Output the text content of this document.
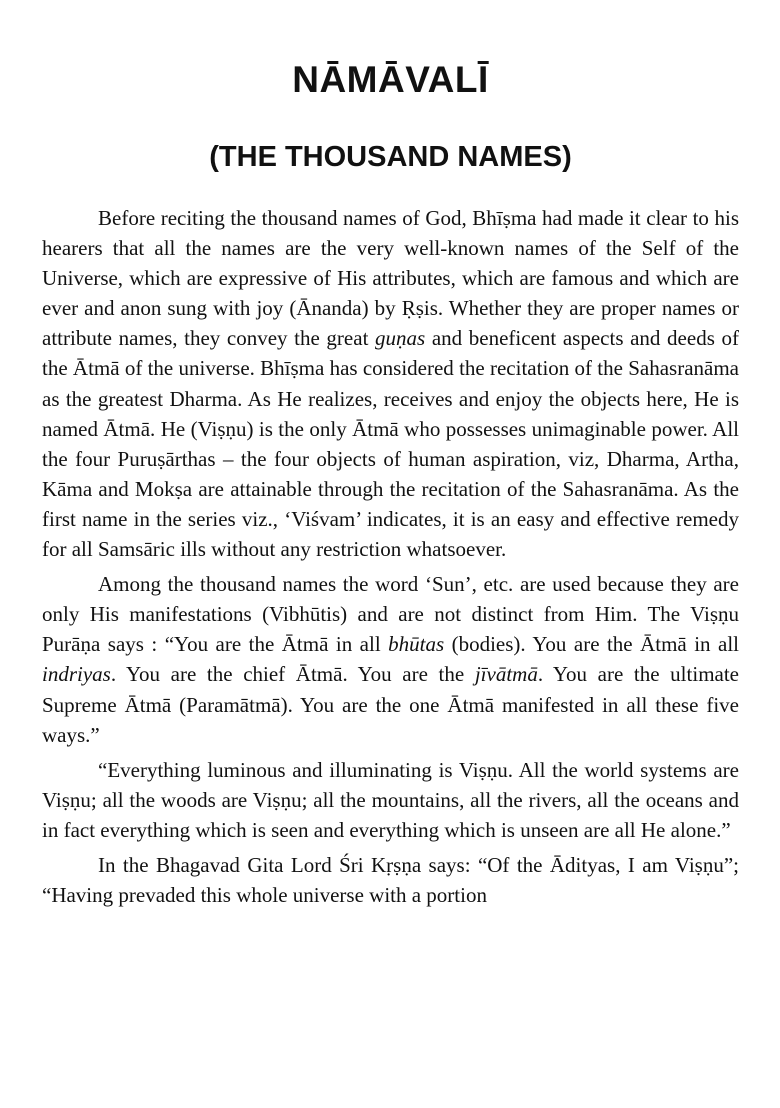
NĀMĀVALĪ
(THE THOUSAND NAMES)

Before reciting the thousand names of God, Bhīṣma had made it clear to his hearers that all the names are the very well-known names of the Self of the Universe, which are expressive of His attributes, which are famous and which are ever and anon sung with joy (Ānanda) by Ṛṣis. Whether they are proper names or attribute names, they convey the great guṇas and beneficent aspects and deeds of the Ātmā of the universe. Bhīṣma has considered the recitation of the Sahasranāma as the greatest Dharma. As He realizes, receives and enjoy the objects here, He is named Ātmā. He (Viṣṇu) is the only Ātmā who possesses unimaginable power. All the four Puruṣārthas – the four objects of human aspiration, viz, Dharma, Artha, Kāma and Mokṣa are attainable through the recitation of the Sahasranāma. As the first name in the series viz., ‘Viśvam’ indicates, it is an easy and effective remedy for all Samsāric ills without any restriction whatsoever.

Among the thousand names the word ‘Sun’, etc. are used because they are only His manifestations (Vibhūtis) and are not distinct from Him. The Viṣṇu Purāṇa says : “You are the Ātmā in all bhūtas (bodies). You are the Ātmā in all indriyas. You are the chief Ātmā. You are the jīvātmā. You are the ultimate Supreme Ātmā (Paramātmā). You are the one Ātmā manifested in all these five ways.”

“Everything luminous and illuminating is Viṣṇu. All the world systems are Viṣṇu; all the woods are Viṣṇu; all the mountains, all the rivers, all the oceans and in fact everything which is seen and everything which is unseen are all He alone.”

In the Bhagavad Gita Lord Śri Kṛṣṇa says: “Of the Ādityas, I am Viṣṇu”; “Having prevaded this whole universe with a portion
